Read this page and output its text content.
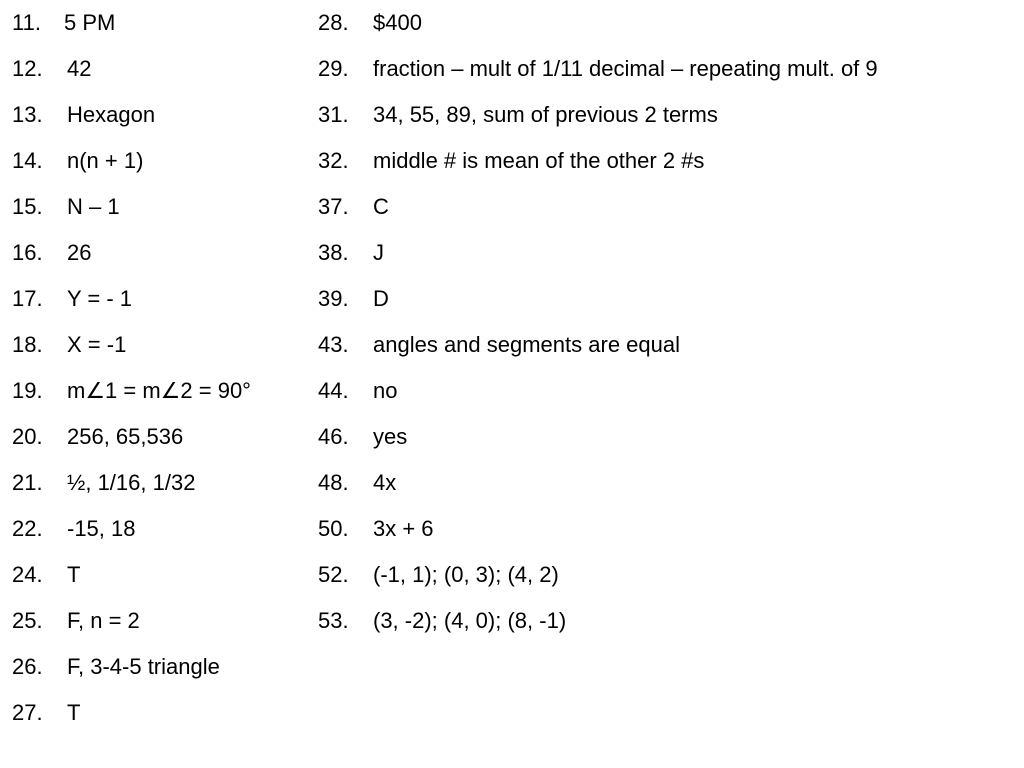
11. 5 PM
12. 42
13. Hexagon
14. n(n + 1)
15. N – 1
16. 26
17. Y = - 1
18. X = -1
19. m∠1 = m∠2 = 90°
20. 256, 65,536
21. ½, 1/16, 1/32
22. -15, 18
24. T
25. F, n = 2
26. F, 3-4-5 triangle
27. T
28. $400
29. fraction – mult of 1/11 decimal – repeating mult. of 9
31. 34, 55, 89, sum of previous 2 terms
32. middle # is mean of the other 2 #s
37. C
38. J
39. D
43. angles and segments are equal
44. no
46. yes
48. 4x
50. 3x + 6
52. (-1, 1); (0, 3); (4, 2)
53. (3, -2); (4, 0); (8, -1)
